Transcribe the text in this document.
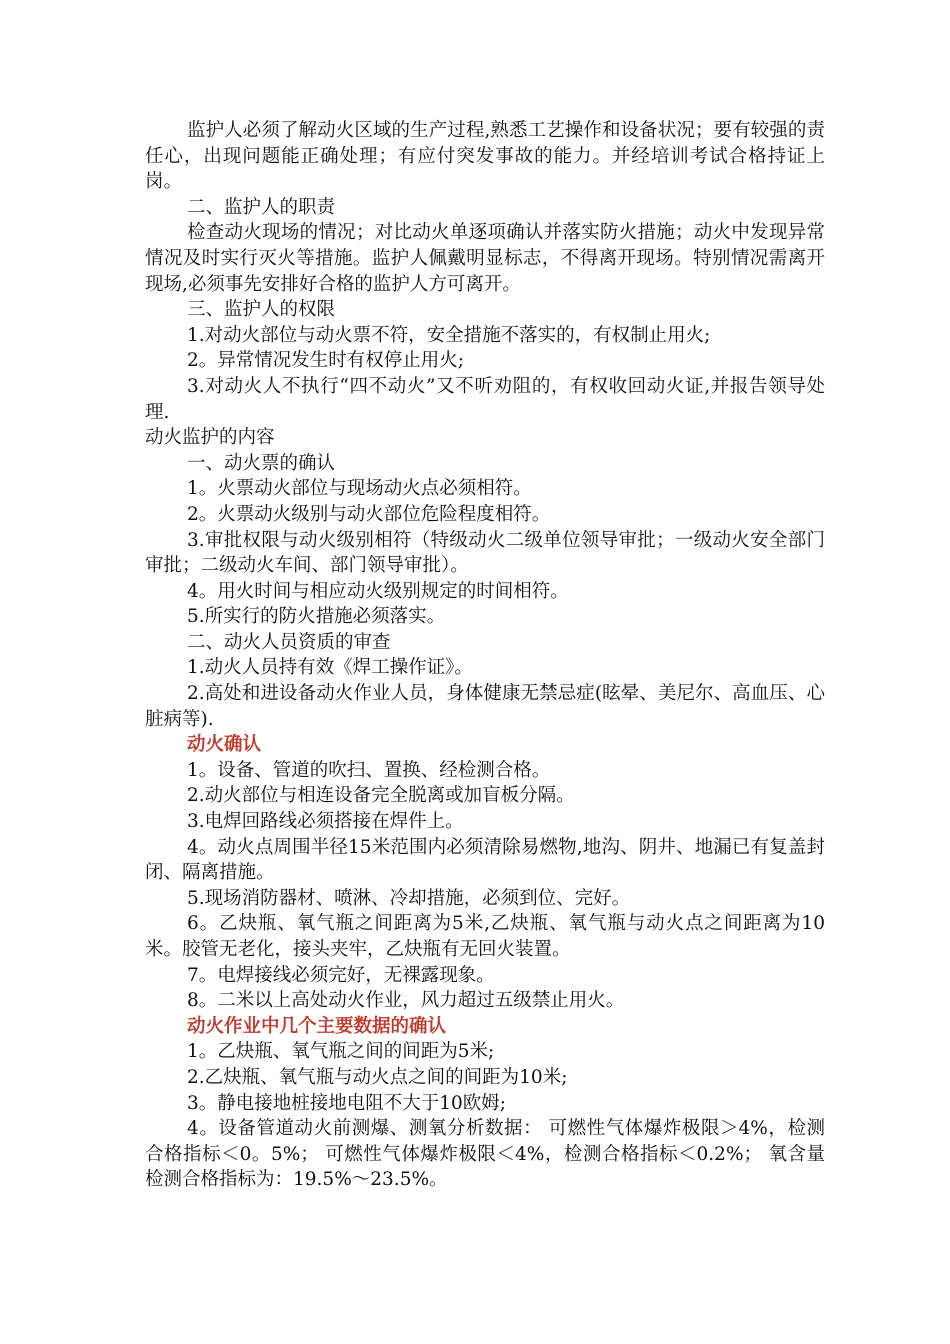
监护人必须了解动火区域的生产过程,熟悉工艺操作和设备状况；要有较强的责任心，出现问题能正确处理；有应付突发事故的能力。并经培训考试合格持证上岗。

二、监护人的职责

检查动火现场的情况；对比动火单逐项确认并落实防火措施；动火中发现异常情况及时实行灭火等措施。监护人佩戴明显标志，不得离开现场。特别情况需离开现场,必须事先安排好合格的监护人方可离开。

三、监护人的权限

1.对动火部位与动火票不符，安全措施不落实的，有权制止用火;

2。异常情况发生时有权停止用火;

3.对动火人不执行“四不动火”又不听劝阻的，有权收回动火证,并报告领导处理.

动火监护的内容

一、动火票的确认

1。火票动火部位与现场动火点必须相符。

2。火票动火级别与动火部位危险程度相符。

3.审批权限与动火级别相符（特级动火二级单位领导审批；一级动火安全部门审批；二级动火车间、部门领导审批）。

4。用火时间与相应动火级别规定的时间相符。

5.所实行的防火措施必须落实。

二、动火人员资质的审查

1.动火人员持有效《焊工操作证》。

2.高处和进设备动火作业人员，身体健康无禁忌症(眩晕、美尼尔、高血压、心脏病等).

动火确认

1。设备、管道的吹扫、置换、经检测合格。

2.动火部位与相连设备完全脱离或加盲板分隔。

3.电焊回路线必须搭接在焊件上。

4。动火点周围半径15米范围内必须清除易燃物,地沟、阴井、地漏已有复盖封闭、隔离措施。

5.现场消防器材、喷淋、冷却措施，必须到位、完好。

6。乙炔瓶、氧气瓶之间距离为5米,乙炔瓶、氧气瓶与动火点之间距离为10米。胶管无老化，接头夹牢，乙炔瓶有无回火装置。

7。电焊接线必须完好，无裸露现象。

8。二米以上高处动火作业，风力超过五级禁止用火。

动火作业中几个主要数据的确认

1。乙炔瓶、氧气瓶之间的间距为5米;

2.乙炔瓶、氧气瓶与动火点之间的间距为10米;

3。静电接地桩接地电阻不大于10欧姆;

4。设备管道动火前测爆、测氧分析数据： 可燃性气体爆炸极限＞4%，检测合格指标＜0。5%； 可燃性气体爆炸极限＜4%，检测合格指标＜0.2%； 氧含量检测合格指标为：19.5%～23.5%。
